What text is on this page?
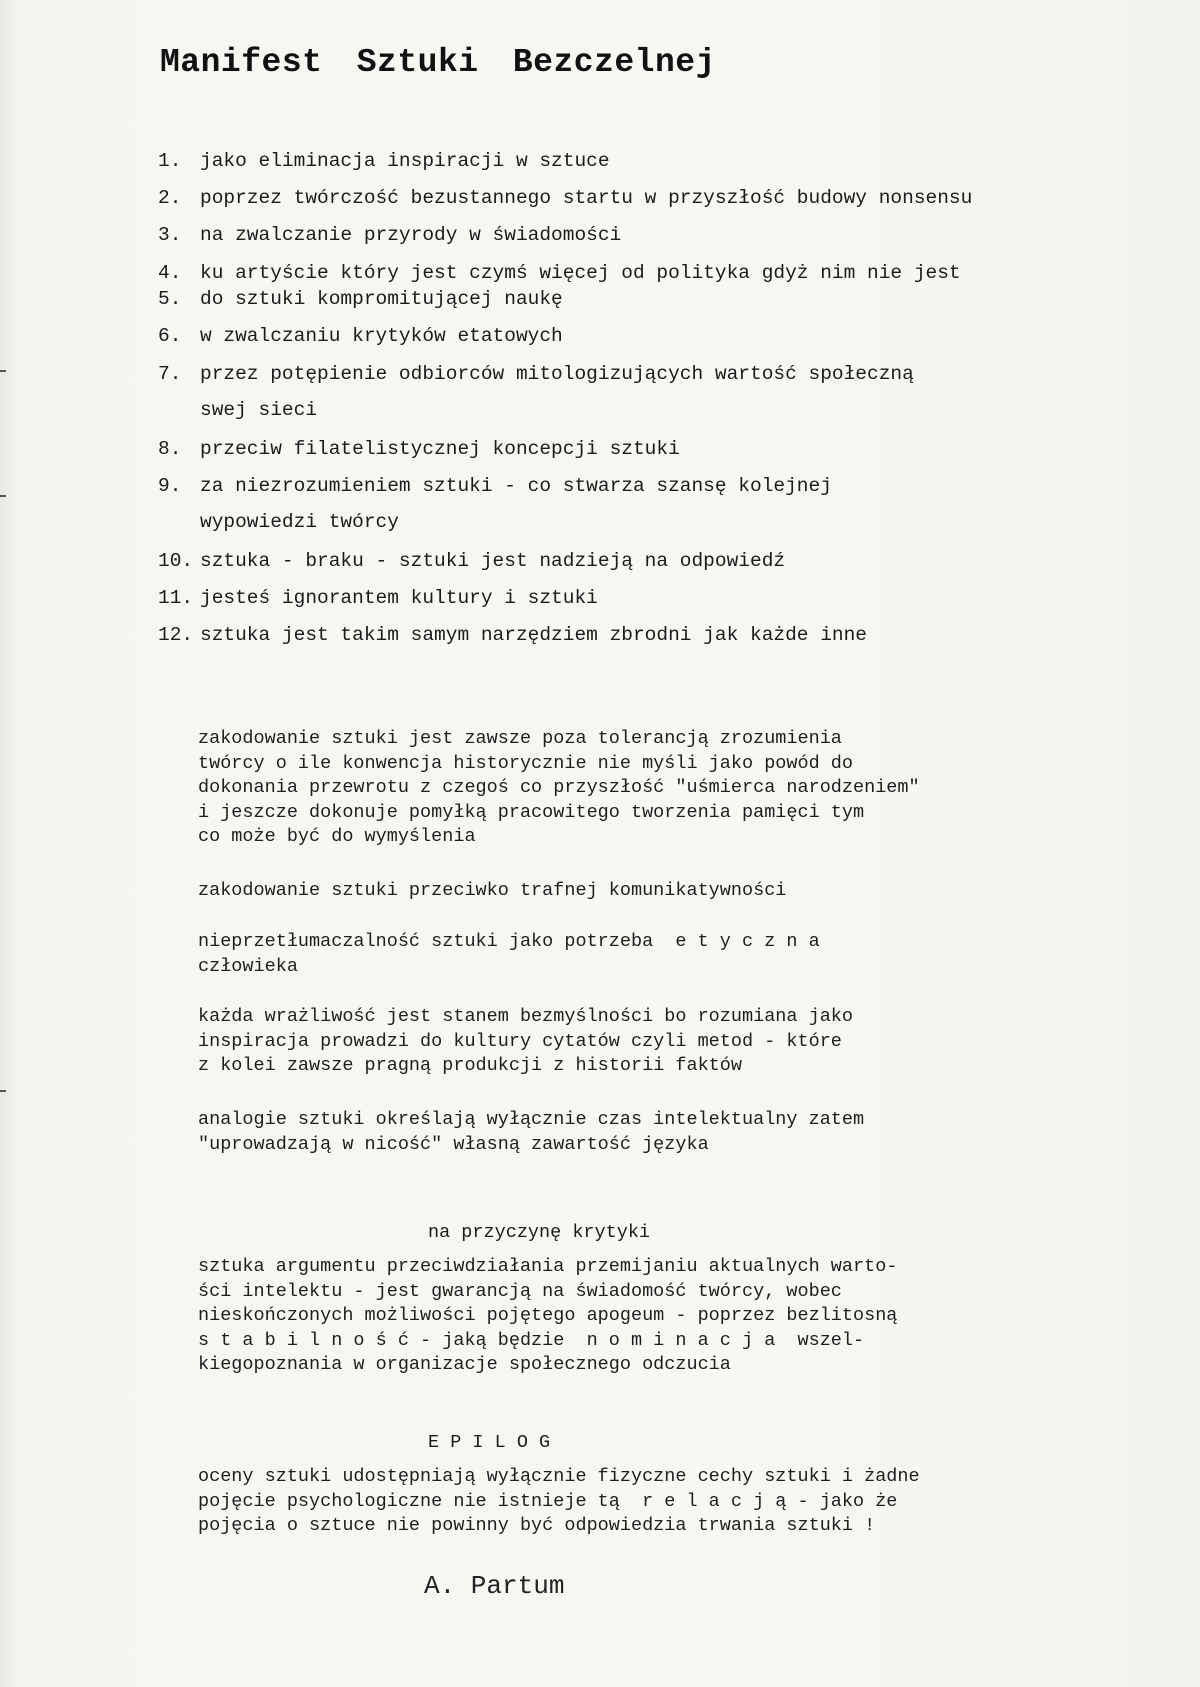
Manifest Sztuki Bezczelnej
1. jako eliminacja inspiracji w sztuce
2. poprzez twórczość bezustannego startu w przyszłość budowy nonsensu
3. na zwalczanie przyrody w świadomości
4. ku artyście który jest czymś więcej od polityka gdyż nim nie jest
5. do sztuki kompromitującej naukę
6. w zwalczaniu krytyków etatowych
7. przez potępienie odbiorców mitologizujących wartość społeczną
swej sieci
8. przeciw filatelistycznej koncepcji sztuki
9. za niezrozumieniem sztuki - co stwarza szansę kolejnej
wypowiedzi twórcy
10. sztuka - braku - sztuki jest nadzieją na odpowiedź
11. jesteś ignorantem kultury i sztuki
12. sztuka jest takim samym narzędziem zbrodni jak każde inne
zakodowanie sztuki jest zawsze poza tolerancją zrozumienia
twórcy o ile konwencja historycznie nie myśli jako powód do
dokonania przewrotu z czegoś co przyszłość "uśmierca narodzeniem"
i jeszcze dokonuje pomyłką pracowitego tworzenia pamięci tym
co może być do wymyślenia
zakodowanie sztuki przeciwko trafnej komunikatywności
nieprzetłumaczalność sztuki jako potrzeba  e t y c z n a
człowieka
każda wrażliwość jest stanem bezmyślności bo rozumiana jako
inspiracja prowadzi do kultury cytatów czyli metod - które
z kolei zawsze pragną produkcji z historii faktów
analogie sztuki określają wyłącznie czas intelektualny zatem
"uprowadzają w nicość" własną zawartość języka
na przyczynę krytyki
sztuka argumentu przeciwdziałania przemijaniu aktualnych warto-
ści intelektu - jest gwarancją na świadomość twórcy, wobec
nieskończonych możliwości pojętego apogeum - poprzez bezlitosną
s t a b i l n o ś ć - jaką będzie  n o m i n a c j a  wszel-
kiegopoznania w organizacje społecznego odczucia
E P I L O G
oceny sztuki udostępniają wyłącznie fizyczne cechy sztuki i żadne
pojęcie psychologiczne nie istnieje tą  r e l a c j ą - jako że
pojęcia o sztuce nie powinny być odpowiedzia trwania sztuki !
A. Partum
